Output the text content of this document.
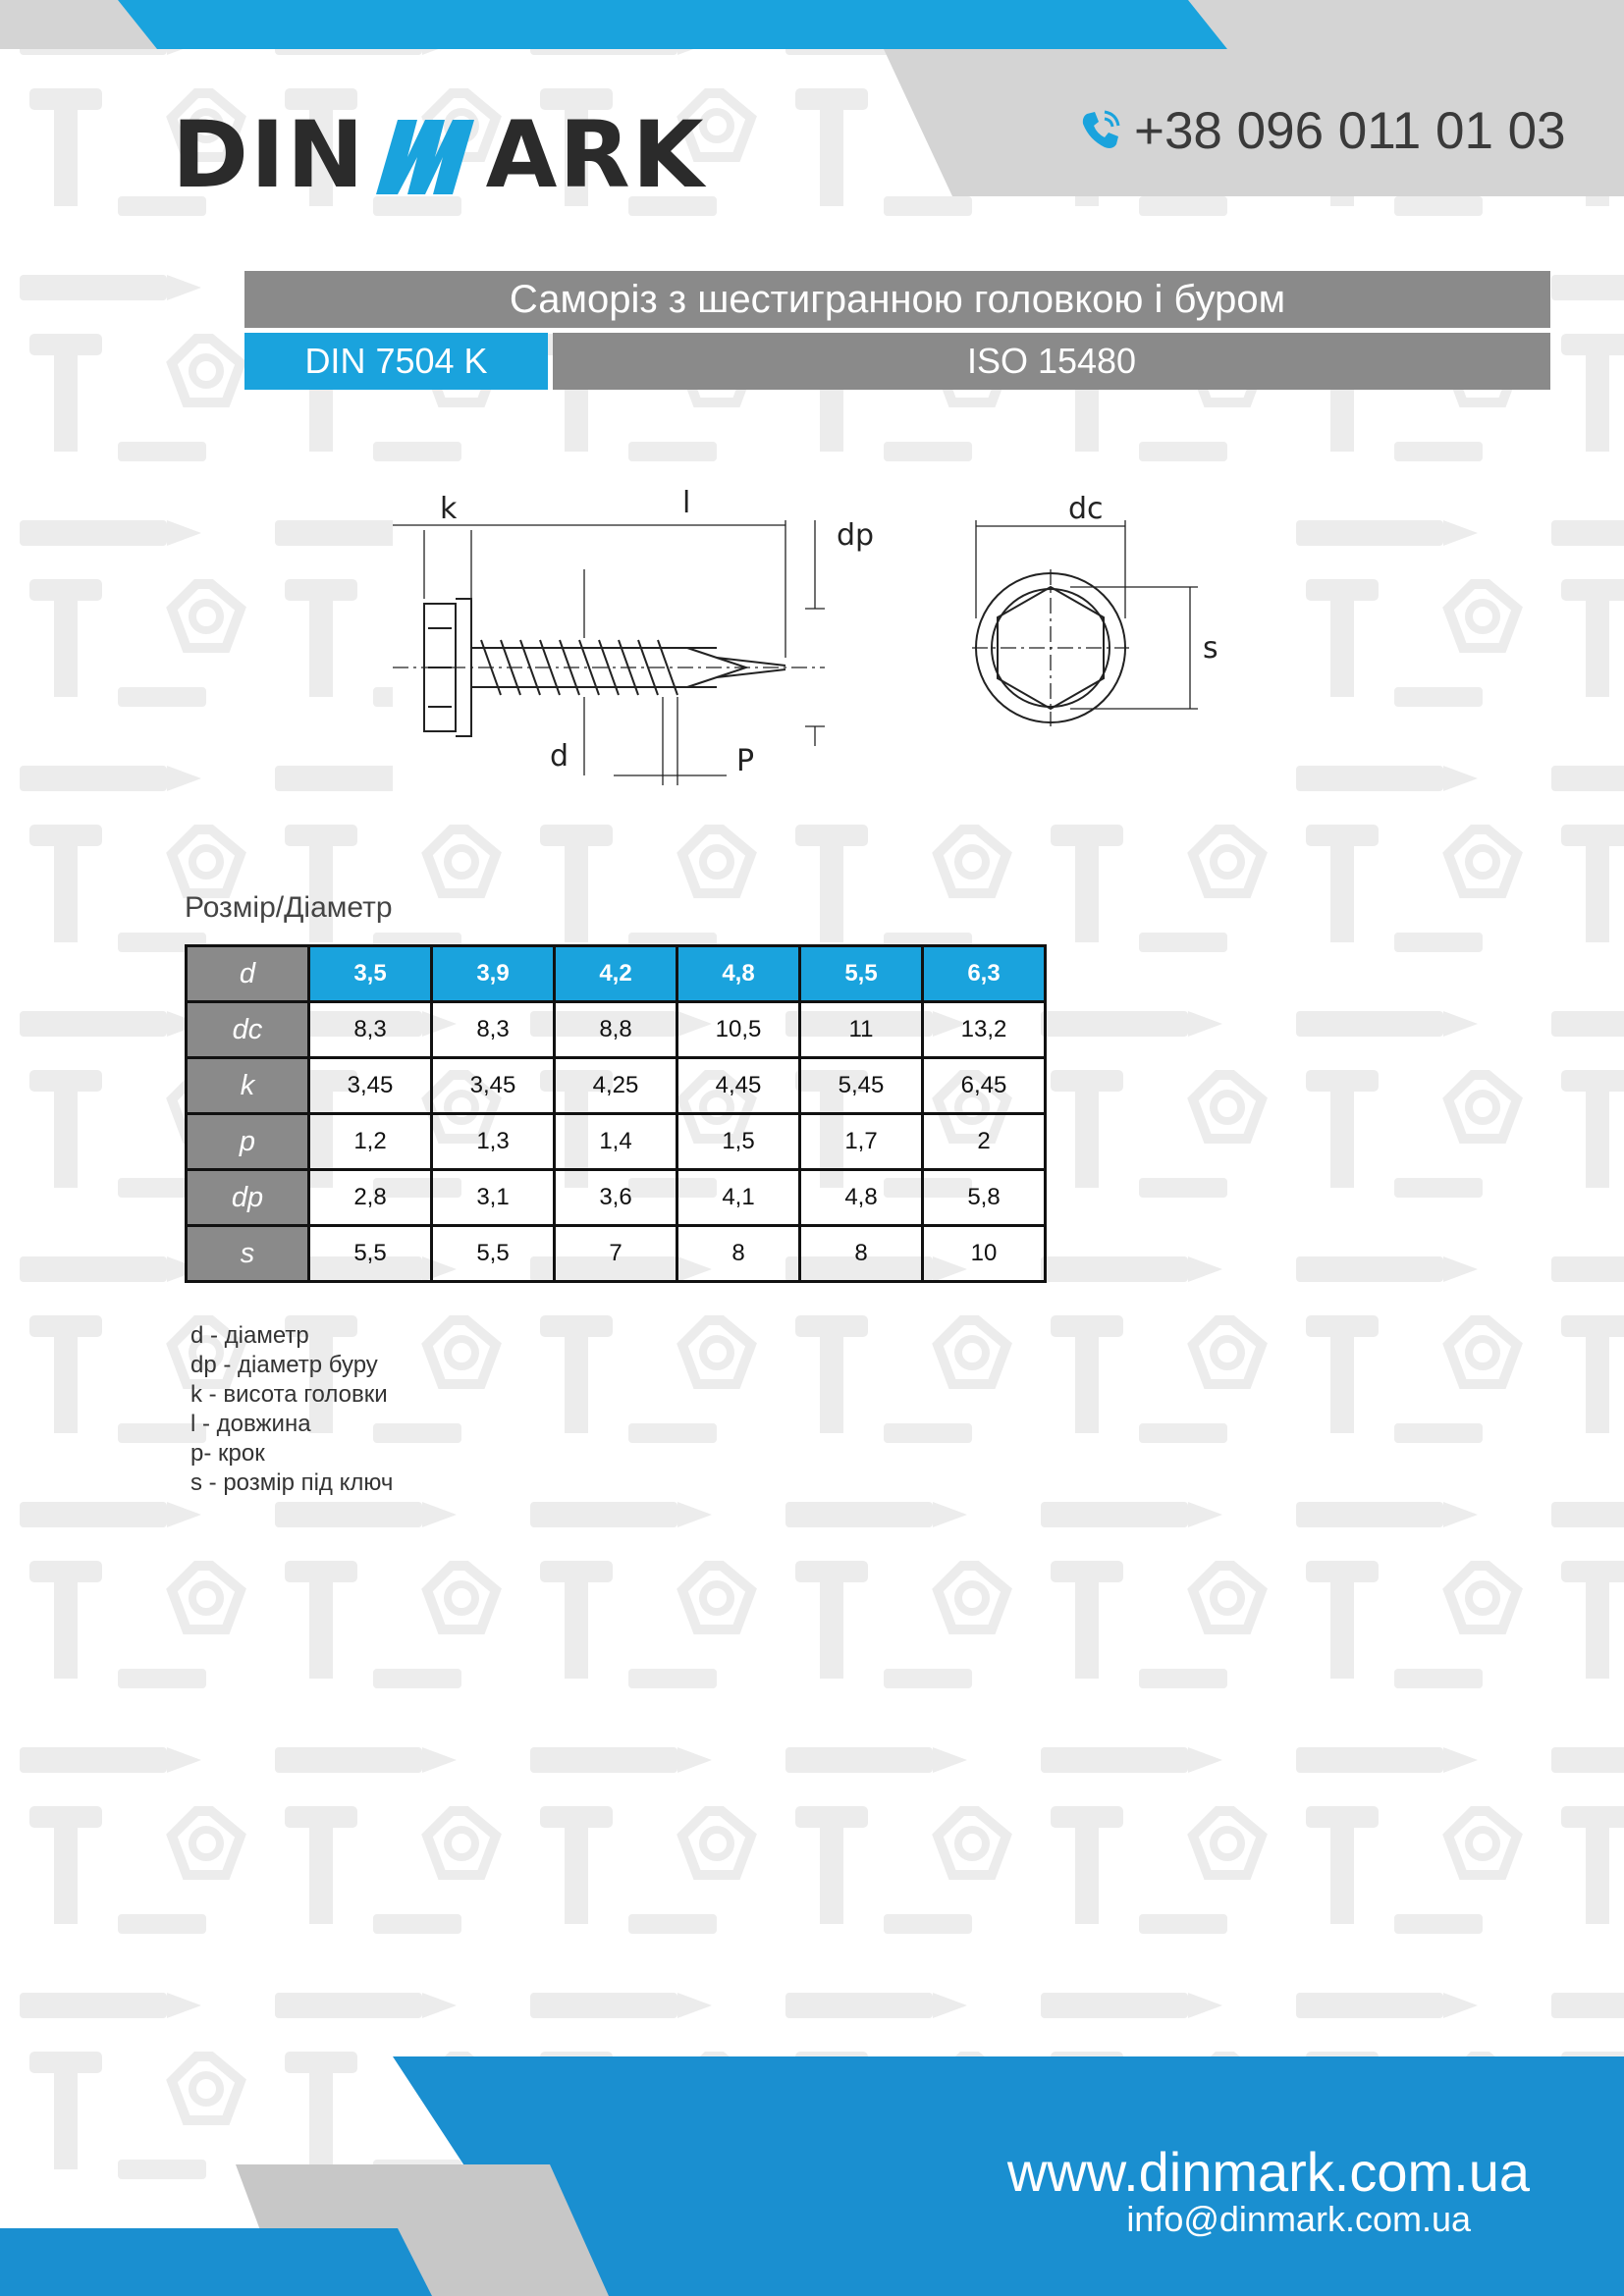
DIN ARK	+38 096 011 01 03
Саморіз з шестигранною головкою і буром
DIN 7504 K	ISO 15480
k	l
dp
d	P
dc
s
Розмір/Діаметр
d	3,5	3,9	4,2	4,8	5,5	6,3
dc	8,3	8,3	8,8	10,5	11	13,2
k	3,45	3,45	4,25	4,45	5,45	6,45
p	1,2	1,3	1,4	1,5	1,7	2
dp	2,8	3,1	3,6	4,1	4,8	5,8
s	5,5	5,5	7	8	8	10
d - діаметр
dp - діаметр буру
k - висота головки
l - довжина
p- крок
s - розмір під ключ
www.dinmark.com.ua
info@dinmark.com.ua
